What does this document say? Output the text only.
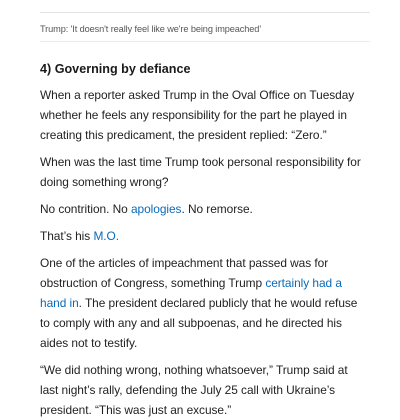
Trump: 'It doesn't really feel like we're being impeached'
4) Governing by defiance

When a reporter asked Trump in the Oval Office on Tuesday whether he feels any responsibility for the part he played in creating this predicament, the president replied: “Zero.”

When was the last time Trump took personal responsibility for doing something wrong?

No contrition. No apologies. No remorse.

That’s his M.O.

One of the articles of impeachment that passed was for obstruction of Congress, something Trump certainly had a hand in. The president declared publicly that he would refuse to comply with any and all subpoenas, and he directed his aides not to testify.

“We did nothing wrong, nothing whatsoever,” Trump said at last night’s rally, defending the July 25 call with Ukraine’s president. “This was just an excuse.”
